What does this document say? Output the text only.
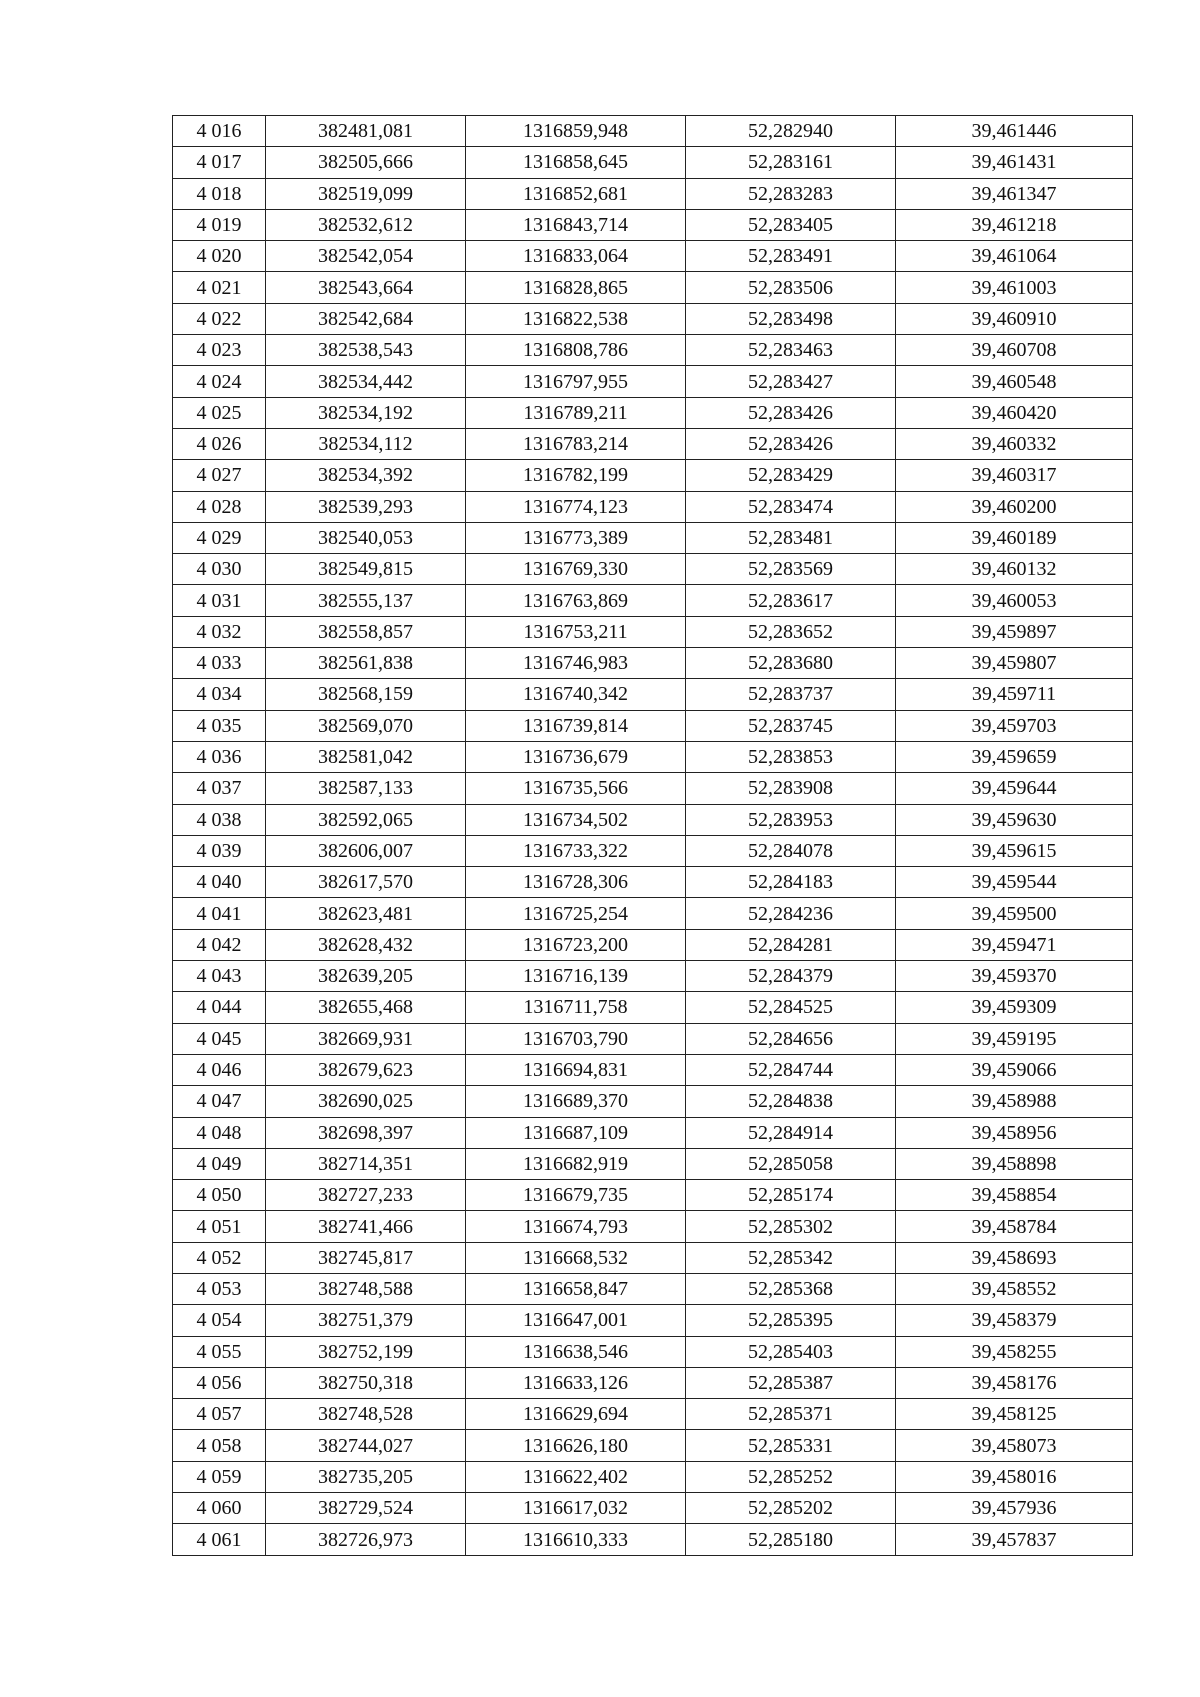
4 016	382481,081	1316859,948	52,282940	39,461446
4 017	382505,666	1316858,645	52,283161	39,461431
4 018	382519,099	1316852,681	52,283283	39,461347
4 019	382532,612	1316843,714	52,283405	39,461218
4 020	382542,054	1316833,064	52,283491	39,461064
4 021	382543,664	1316828,865	52,283506	39,461003
4 022	382542,684	1316822,538	52,283498	39,460910
4 023	382538,543	1316808,786	52,283463	39,460708
4 024	382534,442	1316797,955	52,283427	39,460548
4 025	382534,192	1316789,211	52,283426	39,460420
4 026	382534,112	1316783,214	52,283426	39,460332
4 027	382534,392	1316782,199	52,283429	39,460317
4 028	382539,293	1316774,123	52,283474	39,460200
4 029	382540,053	1316773,389	52,283481	39,460189
4 030	382549,815	1316769,330	52,283569	39,460132
4 031	382555,137	1316763,869	52,283617	39,460053
4 032	382558,857	1316753,211	52,283652	39,459897
4 033	382561,838	1316746,983	52,283680	39,459807
4 034	382568,159	1316740,342	52,283737	39,459711
4 035	382569,070	1316739,814	52,283745	39,459703
4 036	382581,042	1316736,679	52,283853	39,459659
4 037	382587,133	1316735,566	52,283908	39,459644
4 038	382592,065	1316734,502	52,283953	39,459630
4 039	382606,007	1316733,322	52,284078	39,459615
4 040	382617,570	1316728,306	52,284183	39,459544
4 041	382623,481	1316725,254	52,284236	39,459500
4 042	382628,432	1316723,200	52,284281	39,459471
4 043	382639,205	1316716,139	52,284379	39,459370
4 044	382655,468	1316711,758	52,284525	39,459309
4 045	382669,931	1316703,790	52,284656	39,459195
4 046	382679,623	1316694,831	52,284744	39,459066
4 047	382690,025	1316689,370	52,284838	39,458988
4 048	382698,397	1316687,109	52,284914	39,458956
4 049	382714,351	1316682,919	52,285058	39,458898
4 050	382727,233	1316679,735	52,285174	39,458854
4 051	382741,466	1316674,793	52,285302	39,458784
4 052	382745,817	1316668,532	52,285342	39,458693
4 053	382748,588	1316658,847	52,285368	39,458552
4 054	382751,379	1316647,001	52,285395	39,458379
4 055	382752,199	1316638,546	52,285403	39,458255
4 056	382750,318	1316633,126	52,285387	39,458176
4 057	382748,528	1316629,694	52,285371	39,458125
4 058	382744,027	1316626,180	52,285331	39,458073
4 059	382735,205	1316622,402	52,285252	39,458016
4 060	382729,524	1316617,032	52,285202	39,457936
4 061	382726,973	1316610,333	52,285180	39,457837
